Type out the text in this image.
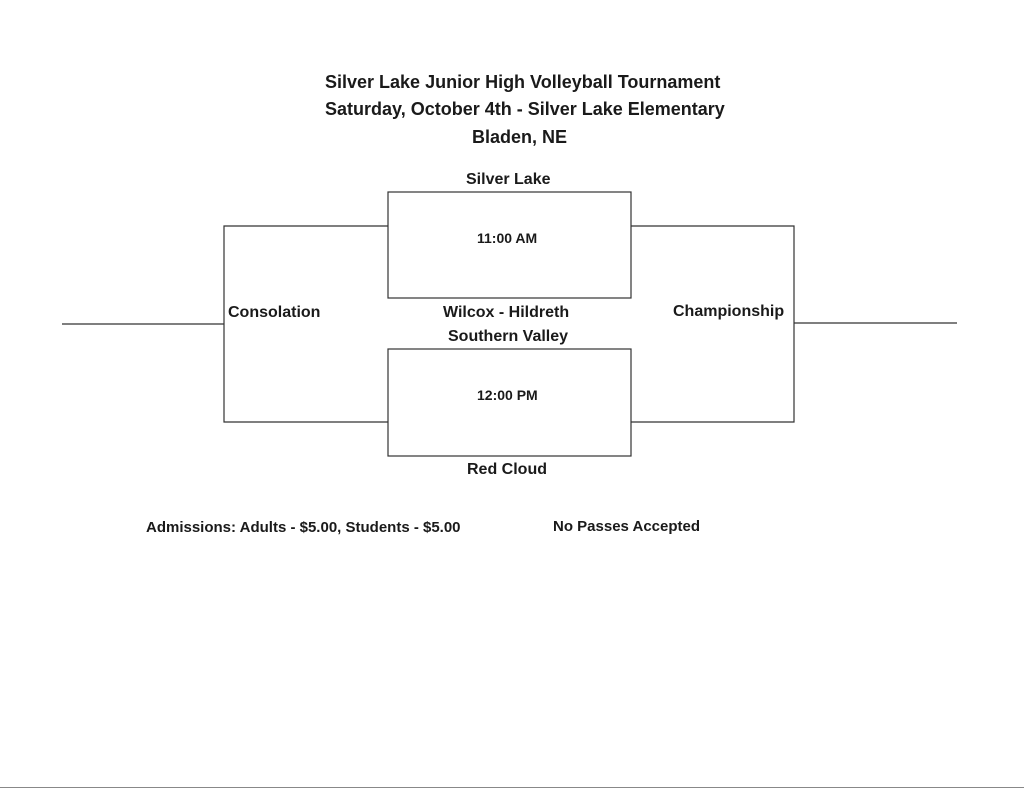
Silver Lake Junior High Volleyball Tournament
Saturday, October 4th - Silver Lake Elementary
Bladen, NE
Silver Lake
11:00 AM
Wilcox - Hildreth
Southern Valley
12:00 PM
Red Cloud
Consolation	Championship
Admissions: Adults - $5.00, Students - $5.00	No Passes Accepted
